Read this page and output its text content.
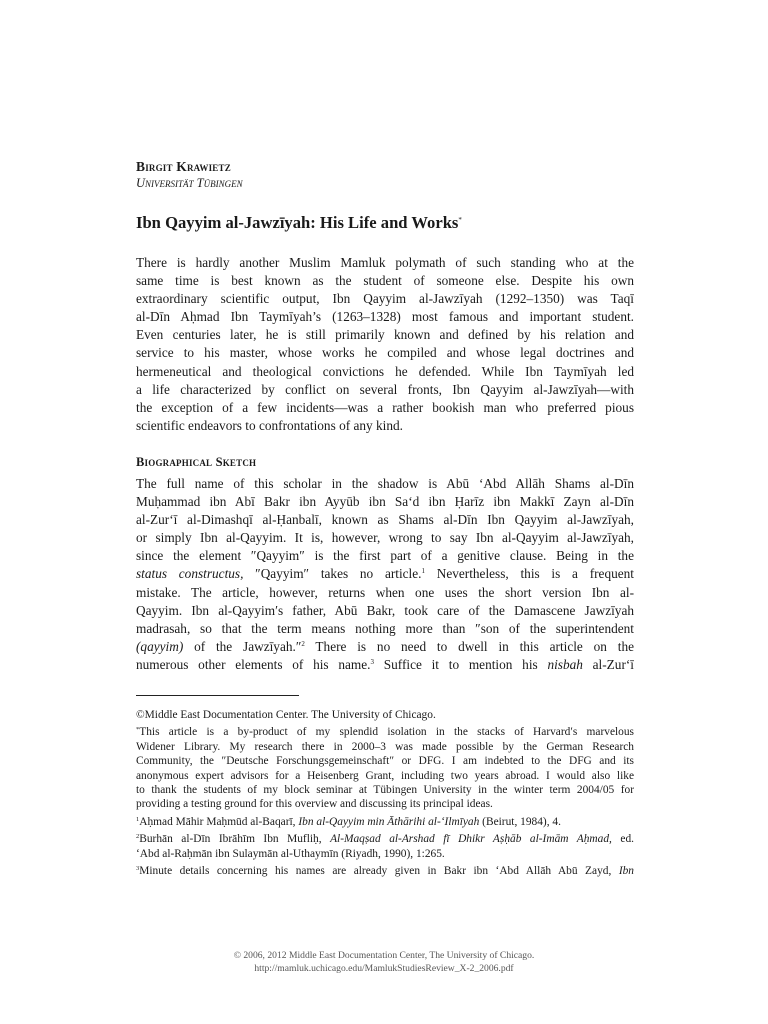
Birgit Krawietz
Universität Tübingen
Ibn Qayyim al-Jawzīyah: His Life and Works*
There is hardly another Muslim Mamluk polymath of such standing who at the
same time is best known as the student of someone else. Despite his own
extraordinary scientific output, Ibn Qayyim al-Jawzīyah (1292–1350) was Taqī
al-Dīn Aḥmad Ibn Taymīyah’s (1263–1328) most famous and important student.
Even centuries later, he is still primarily known and defined by his relation and
service to his master, whose works he compiled and whose legal doctrines and
hermeneutical and theological convictions he defended. While Ibn Taymīyah led
a life characterized by conflict on several fronts, Ibn Qayyim al-Jawzīyah—with
the exception of a few incidents—was a rather bookish man who preferred pious
scientific endeavors to confrontations of any kind.
Biographical Sketch
The full name of this scholar in the shadow is Abū ‘Abd Allāh Shams al-Dīn
Muḥammad ibn Abī Bakr ibn Ayyūb ibn Sa‘d ibn Ḥarīz ibn Makkī Zayn al-Dīn
al-Zur‘ī al-Dimashqī al-Ḥanbalī, known as Shams al-Dīn Ibn Qayyim al-Jawzīyah,
or simply Ibn al-Qayyim. It is, however, wrong to say Ibn al-Qayyim al-Jawzīyah,
since the element ″Qayyim″ is the first part of a genitive clause. Being in the
status constructus, ″Qayyim″ takes no article.$^1$ Nevertheless, this is a frequent
mistake. The article, however, returns when one uses the short version Ibn al-
Qayyim. Ibn al-Qayyim′s father, Abū Bakr, took care of the Damascene Jawzīyah
madrasah, so that the term means nothing more than ″son of the superintendent
(qayyim) of the Jawzīyah.″$^2$ There is no need to dwell in this article on the
numerous other elements of his name.$^3$ Suffice it to mention his nisbah al-Zur‘ī
©Middle East Documentation Center. The University of Chicago.
*This article is a by-product of my splendid isolation in the stacks of Harvard′s marvelous
Widener Library. My research there in 2000–3 was made possible by the German Research
Community, the ″Deutsche Forschungsgemeinschaft″ or DFG. I am indebted to the DFG and its
anonymous expert advisors for a Heisenberg Grant, including two years abroad. I would also like
to thank the students of my block seminar at Tübingen University in the winter term 2004/05 for
providing a testing ground for this overview and discussing its principal ideas.
$^1$Aḥmad Māhir Maḥmūd al-Baqarī, Ibn al-Qayyim min Āthārihi al-‘Ilmīyah (Beirut, 1984), 4.
$^2$Burhān al-Dīn Ibrāhīm Ibn Mufliḥ, Al-Maqṣad al-Arshad fī Dhikr Aṣḥāb al-Imām Aḥmad, ed.
‘Abd al-Raḥmān ibn Sulaymān al-Uthaymīn (Riyadh, 1990), 1:265.
$^3$Minute details concerning his names are already given in Bakr ibn ‘Abd Allāh Abū Zayd, Ibn
© 2006, 2012 Middle East Documentation Center, The University of Chicago.
http://mamluk.uchicago.edu/MamlukStudiesReview_X-2_2006.pdf
